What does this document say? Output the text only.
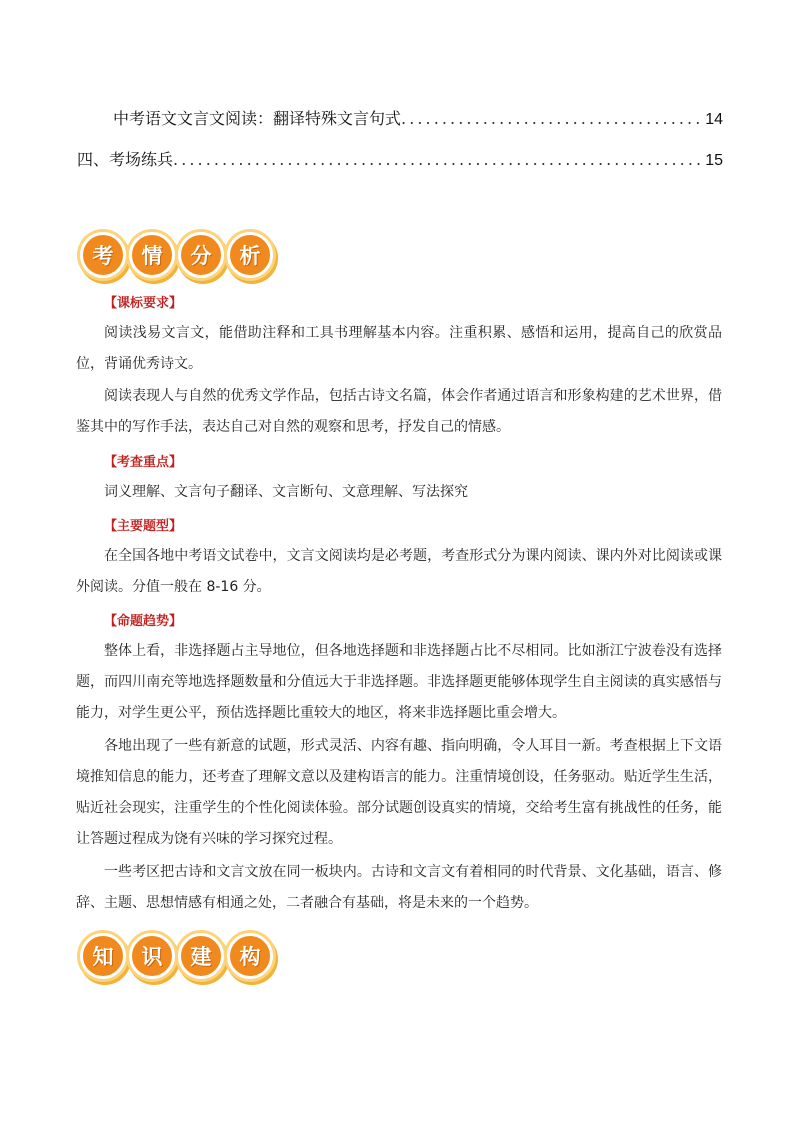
中考语文文言文阅读：翻译特殊文言句式 . . .	14
四、考场练兵 . . .	15
考	情	分	析
【课标要求】
阅读浅易文言文，能借助注释和工具书理解基本内容。注重积累、感悟和运用，提高自己的欣赏品位，背诵优秀诗文。
阅读表现人与自然的优秀文学作品，包括古诗文名篇，体会作者通过语言和形象构建的艺术世界，借鉴其中的写作手法，表达自己对自然的观察和思考，抒发自己的情感。
【考查重点】
词义理解、文言句子翻译、文言断句、文意理解、写法探究
【主要题型】
在全国各地中考语文试卷中，文言文阅读均是必考题，考查形式分为课内阅读、课内外对比阅读或课外阅读。分值一般在 8-16 分。
【命题趋势】
整体上看，非选择题占主导地位，但各地选择题和非选择题占比不尽相同。比如浙江宁波卷没有选择题，而四川南充等地选择题数量和分值远大于非选择题。非选择题更能够体现学生自主阅读的真实感悟与能力，对学生更公平，预估选择题比重较大的地区，将来非选择题比重会增大。
各地出现了一些有新意的试题，形式灵活、内容有趣、指向明确，令人耳目一新。考查根据上下文语境推知信息的能力，还考查了理解文意以及建构语言的能力。注重情境创设，任务驱动。贴近学生生活，贴近社会现实，注重学生的个性化阅读体验。部分试题创设真实的情境，交给考生富有挑战性的任务，能让答题过程成为饶有兴味的学习探究过程。
一些考区把古诗和文言文放在同一板块内。古诗和文言文有着相同的时代背景、文化基础，语言、修辞、主题、思想情感有相通之处，二者融合有基础，将是未来的一个趋势。
知	识	建	构
